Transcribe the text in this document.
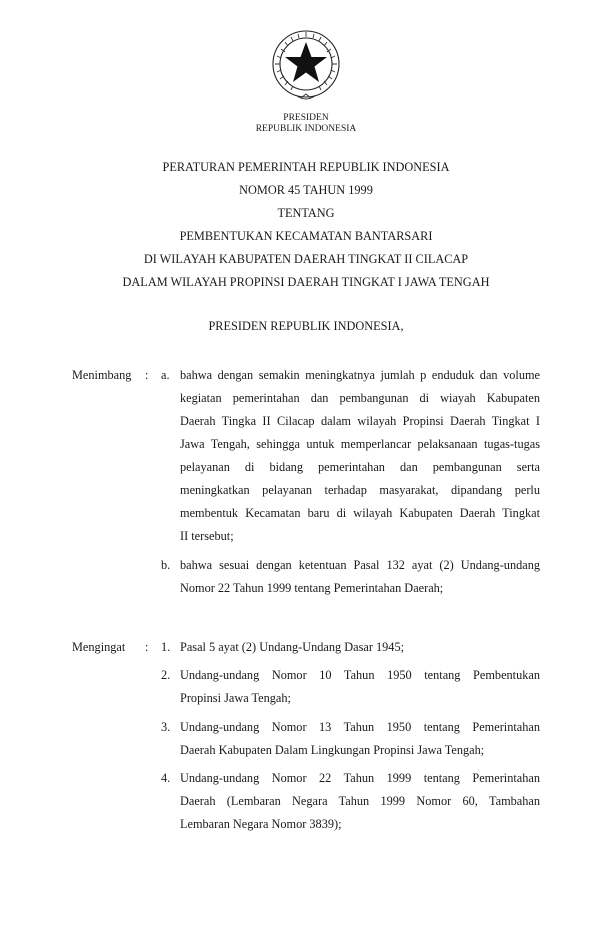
PRESIDEN
REPUBLIK INDONESIA
PERATURAN PEMERINTAH REPUBLIK INDONESIA
NOMOR 45 TAHUN 1999
TENTANG
PEMBENTUKAN KECAMATAN BANTARSARI
DI WILAYAH KABUPATEN DAERAH TINGKAT II CILACAP
DALAM WILAYAH PROPINSI DAERAH TINGKAT I JAWA TENGAH
PRESIDEN REPUBLIK INDONESIA,
Menimbang : a. bahwa dengan semakin meningkatnya jumlah p enduduk dan volume
kegiatan pemerintahan dan pembangunan di wiayah Kabupaten
Daerah Tingka II Cilacap dalam wilayah Propinsi Daerah Tingkat I
Jawa Tengah, sehingga untuk memperlancar pelaksanaan tugas-tugas
pelayanan di bidang pemerintahan dan pembangunan serta
meningkatkan pelayanan terhadap masyarakat, dipandang perlu
membentuk Kecamatan baru di wilayah Kabupaten Daerah Tingkat
II tersebut;
b. bahwa sesuai dengan ketentuan Pasal 132 ayat (2) Undang-undang
Nomor 22 Tahun 1999 tentang Pemerintahan Daerah;
Mengingat : 1. Pasal 5 ayat (2) Undang-Undang Dasar 1945;
2. Undang-undang Nomor 10 Tahun 1950 tentang Pembentukan
Propinsi Jawa Tengah;
3. Undang-undang Nomor 13 Tahun 1950 tentang Pemerintahan
Daerah Kabupaten Dalam Lingkungan Propinsi Jawa Tengah;
4. Undang-undang Nomor 22 Tahun 1999 tentang Pemerintahan
Daerah (Lembaran Negara Tahun 1999 Nomor 60, Tambahan
Lembaran Negara Nomor 3839);
